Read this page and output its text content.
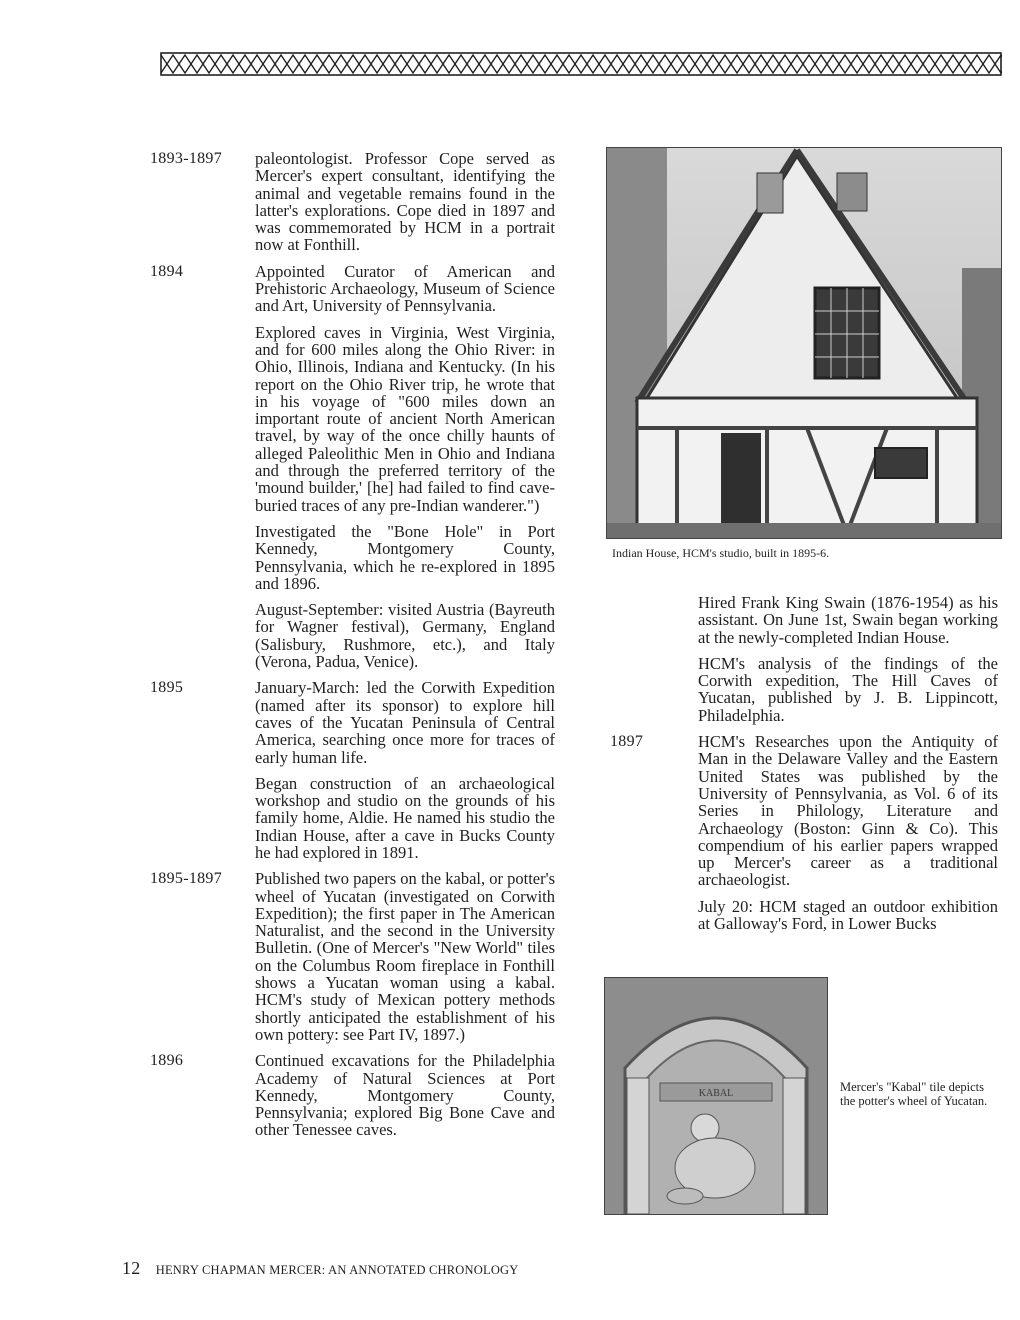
1893-1897	paleontologist. Professor Cope served as Mercer's expert consultant, identifying the animal and vegetable remains found in the latter's explorations. Cope died in 1897 and was commemorated by HCM in a portrait now at Fonthill.

1894	Appointed Curator of American and Prehistoric Archaeology, Museum of Science and Art, University of Pennsylvania.

Explored caves in Virginia, West Virginia, and for 600 miles along the Ohio River: in Ohio, Illinois, Indiana and Kentucky. (In his report on the Ohio River trip, he wrote that in his voyage of "600 miles down an important route of ancient North American travel, by way of the once chilly haunts of alleged Paleolithic Men in Ohio and Indiana and through the preferred territory of the 'mound builder,' [he] had failed to find cave-buried traces of any pre-Indian wanderer.")

Investigated the "Bone Hole" in Port Kennedy, Montgomery County, Pennsylvania, which he re-explored in 1895 and 1896.

August-September: visited Austria (Bayreuth for Wagner festival), Germany, England (Salisbury, Rushmore, etc.), and Italy (Verona, Padua, Venice).

1895	January-March: led the Corwith Expedition (named after its sponsor) to explore hill caves of the Yucatan Peninsula of Central America, searching once more for traces of early human life.

Began construction of an archaeological workshop and studio on the grounds of his family home, Aldie. He named his studio the Indian House, after a cave in Bucks County he had explored in 1891.

1895-1897	Published two papers on the kabal, or potter's wheel of Yucatan (investigated on Corwith Expedition); the first paper in The American Naturalist, and the second in the University Bulletin. (One of Mercer's "New World" tiles on the Columbus Room fireplace in Fonthill shows a Yucatan woman using a kabal. HCM's study of Mexican pottery methods shortly anticipated the establishment of his own pottery: see Part IV, 1897.)

1896	Continued excavations for the Philadelphia Academy of Natural Sciences at Port Kennedy, Montgomery County, Pennsylvania; explored Big Bone Cave and other Tenessee caves.

Indian House, HCM's studio, built in 1895-6.

Hired Frank King Swain (1876-1954) as his assistant. On June 1st, Swain began working at the newly-completed Indian House.

HCM's analysis of the findings of the Corwith expedition, The Hill Caves of Yucatan, published by J. B. Lippincott, Philadelphia.

1897	HCM's Researches upon the Antiquity of Man in the Delaware Valley and the Eastern United States was published by the University of Pennsylvania, as Vol. 6 of its Series in Philology, Literature and Archaeology (Boston: Ginn & Co). This compendium of his earlier papers wrapped up Mercer's career as a traditional archaeologist.

July 20: HCM staged an outdoor exhibition at Galloway's Ford, in Lower Bucks

KABAL	Mercer's "Kabal" tile depicts the potter's wheel of Yucatan.
12 HENRY CHAPMAN MERCER: AN ANNOTATED CHRONOLOGY
